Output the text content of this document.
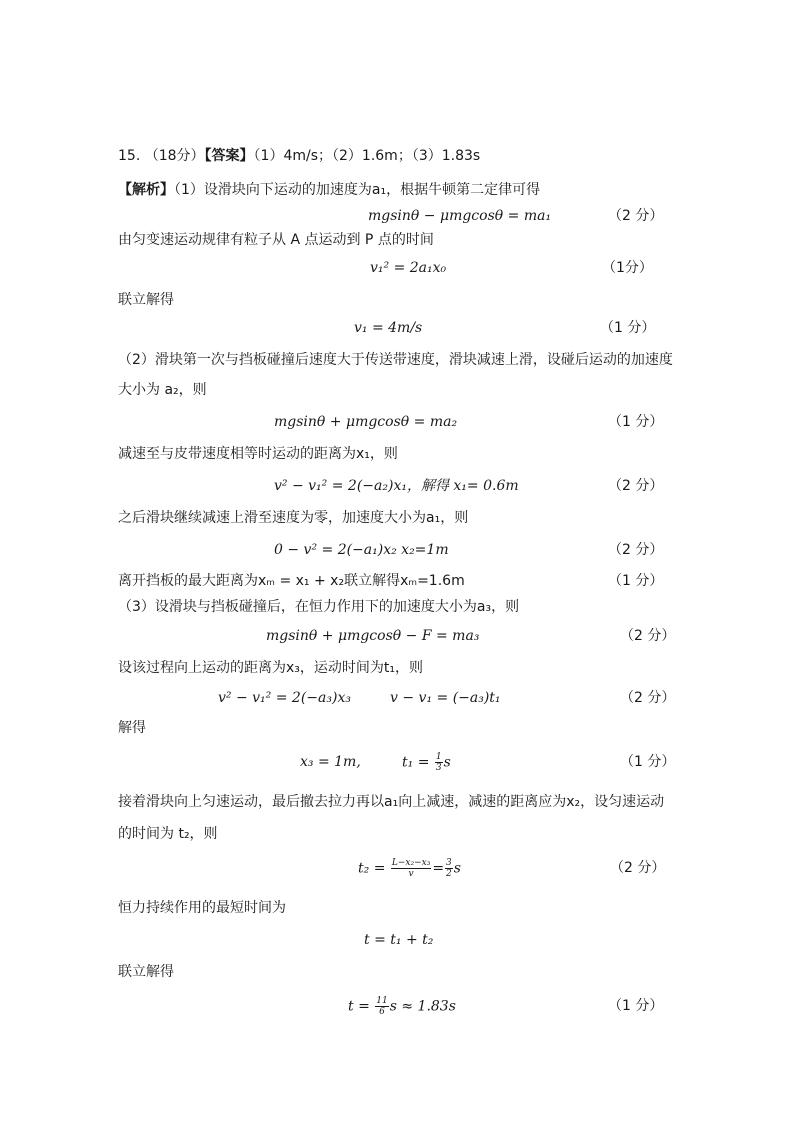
15. （18分）【答案】（1）4m/s；（2）1.6m；（3）1.83s
【解析】（1）设滑块向下运动的加速度为a₁，根据牛顿第二定律可得
mgsinθ − μmgcosθ = ma₁	（2 分）
由匀变速运动规律有粒子从 A 点运动到 P 点的时间
v₁² = 2a₁x₀	（1分）
联立解得
v₁ = 4m/s	（1 分）
（2）滑块第一次与挡板碰撞后速度大于传送带速度，滑块减速上滑，设碰后运动的加速度
大小为 a₂，则
mgsinθ + μmgcosθ = ma₂	（1 分）
减速至与皮带速度相等时运动的距离为x₁，则
v² − v₁² = 2(−a₂)x₁，解得 x₁= 0.6m	（2 分）
之后滑块继续减速上滑至速度为零，加速度大小为a₁，则
0 − v² = 2(−a₁)x₂ x₂=1m	（2 分）
离开挡板的最大距离为xₘ = x₁ + x₂联立解得xₘ=1.6m	（1 分）
（3）设滑块与挡板碰撞后，在恒力作用下的加速度大小为a₃，则
mgsinθ + μmgcosθ − F = ma₃	（2 分）
设该过程向上运动的距离为x₃，运动时间为t₁，则
v² − v₁² = 2(−a₃)x₃	v − v₁ = (−a₃)t₁	（2 分）
解得
x₃ = 1m,	$t_1 = \frac{1}{3}$ s	（1 分）
接着滑块向上匀速运动，最后撤去拉力再以a₁向上减速，减速的距离应为x₂，设匀速运动
的时间为 t₂，则
$t_2 = \frac{\text{L−x₂−x₃}}{v} = \frac{3}{2}$ s	（2 分）
恒力持续作用的最短时间为
t = t₁ + t₂
联立解得
$t = \frac{11}{6}$ s ≈ 1.83s	（1 分）
